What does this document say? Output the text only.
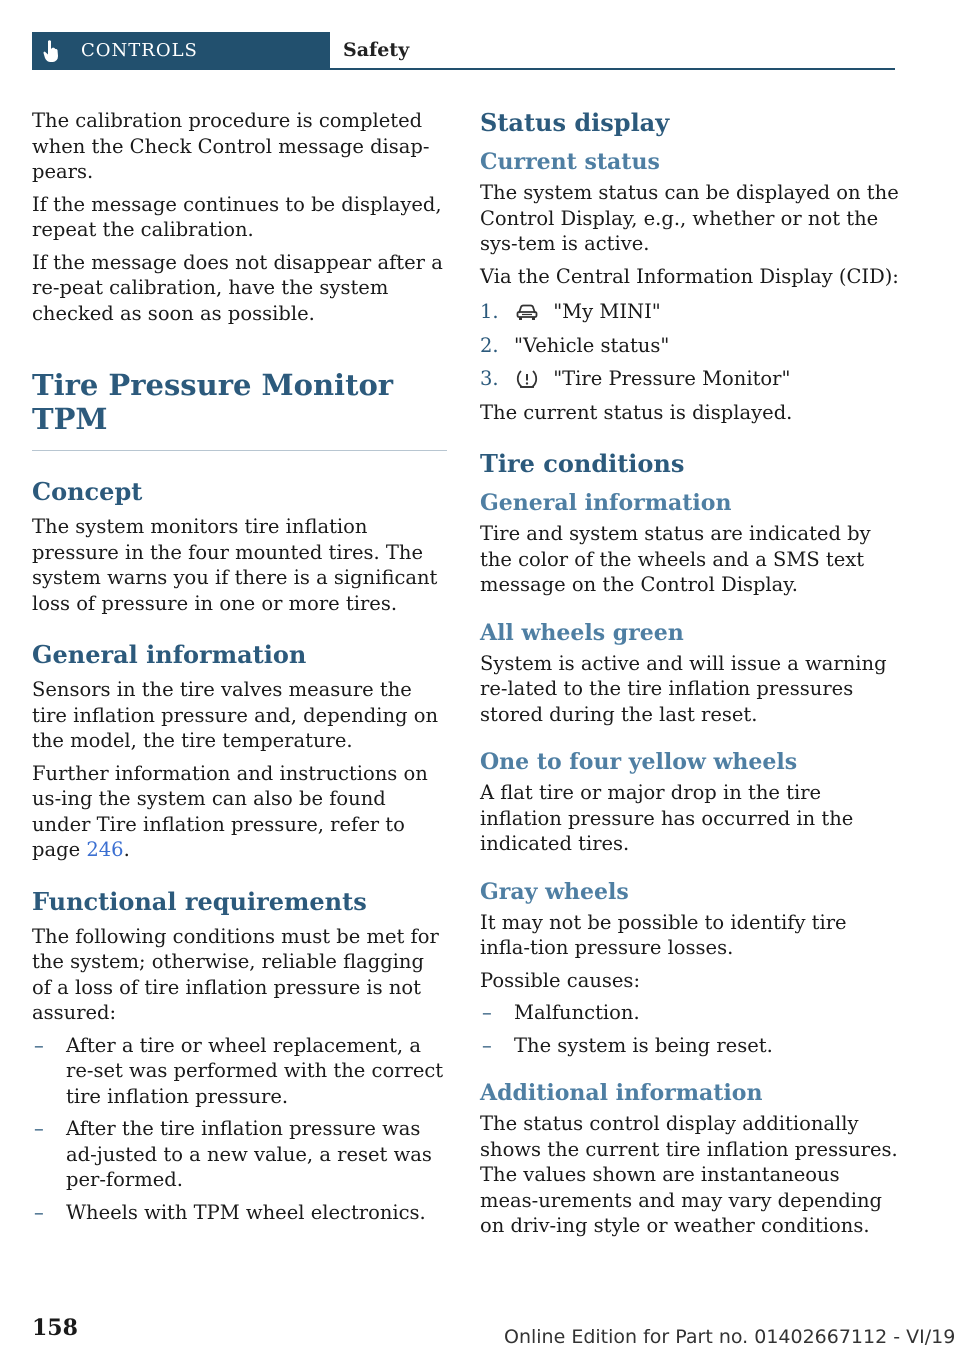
CONTROLS	Safety

The calibration procedure is completed when the Check Control message disap-pears.

If the message continues to be displayed, repeat the calibration.

If the message does not disappear after a re-peat calibration, have the system checked as soon as possible.

Tire Pressure Monitor TPM
Concept

The system monitors tire inflation pressure in the four mounted tires. The system warns you if there is a significant loss of pressure in one or more tires.

General information

Sensors in the tire valves measure the tire inflation pressure and, depending on the model, the tire temperature.

Further information and instructions on us-ing the system can also be found under Tire inflation pressure, refer to page 246.

Functional requirements

The following conditions must be met for the system; otherwise, reliable flagging of a loss of tire inflation pressure is not assured:

– After a tire or wheel replacement, a re-set was performed with the correct tire inflation pressure.
– After the tire inflation pressure was ad-justed to a new value, a reset was per-formed.
– Wheels with TPM wheel electronics.
Status display
Current status

The system status can be displayed on the Control Display, e.g., whether or not the sys-tem is active.

Via the Central Information Display (CID):

1.	"My MINI"
2. "Vehicle status"
3.	"Tire Pressure Monitor"

The current status is displayed.

Tire conditions
General information

Tire and system status are indicated by the color of the wheels and a SMS text message on the Control Display.

All wheels green

System is active and will issue a warning re-lated to the tire inflation pressures stored during the last reset.

One to four yellow wheels

A flat tire or major drop in the tire inflation pressure has occurred in the indicated tires.

Gray wheels

It may not be possible to identify tire infla-tion pressure losses.

Possible causes:

– Malfunction.
– The system is being reset.
Additional information

The status control display additionally shows the current tire inflation pressures. The values shown are instantaneous meas-urements and may vary depending on driv-ing style or weather conditions.

158	Online Edition for Part no. 01402667112 - VI/19
